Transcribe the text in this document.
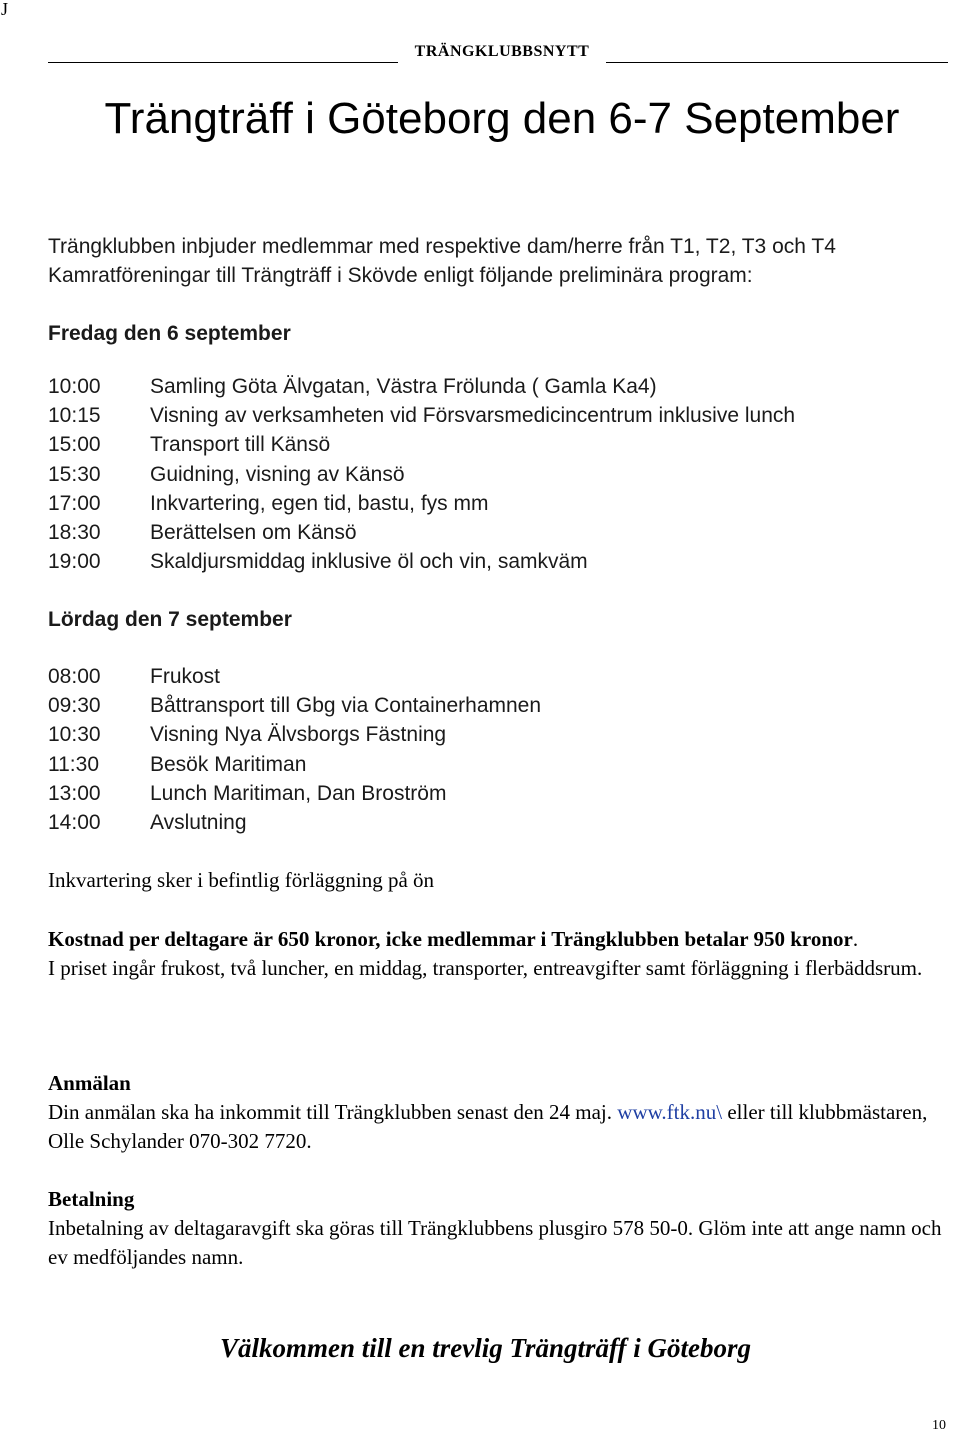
J
TRÄNGKLUBBSNYTT
Trängträff i Göteborg den 6-7 September
Trängklubben inbjuder medlemmar med respektive dam/herre från T1, T2, T3 och T4
Kamratföreningar till Trängträff i Skövde enligt följande preliminära program:
Fredag den 6 september
10:00 Samling Göta Älvgatan, Västra Frölunda ( Gamla Ka4)
10:15 Visning av verksamheten vid Försvarsmedicincentrum inklusive lunch
15:00 Transport till Känsö
15:30 Guidning, visning av Känsö
17:00 Inkvartering, egen tid, bastu, fys mm
18:30 Berättelsen om Känsö
19:00 Skaldjursmiddag inklusive öl och vin, samkväm
Lördag den 7 september
08:00 Frukost
09:30 Båttransport till Gbg via Containerhamnen
10:30 Visning Nya Älvsborgs Fästning
11:30 Besök Maritiman
13:00 Lunch Maritiman, Dan Broström
14:00 Avslutning
Inkvartering sker i befintlig förläggning på ön
Kostnad per deltagare är 650 kronor, icke medlemmar i Trängklubben betalar 950 kronor.
I priset ingår frukost, två luncher, en middag, transporter, entreavgifter samt förläggning i flerbäddsrum.
Anmälan
Din anmälan ska ha inkommit till Trängklubben senast den 24 maj. www.ftk.nu\ eller till klubbmästaren, Olle Schylander 070-302 7720.
Betalning
Inbetalning av deltagaravgift ska göras till Trängklubbens plusgiro 578 50-0. Glöm inte att ange namn och ev medföljandes namn.
Välkommen till en trevlig Trängträff i Göteborg
10
